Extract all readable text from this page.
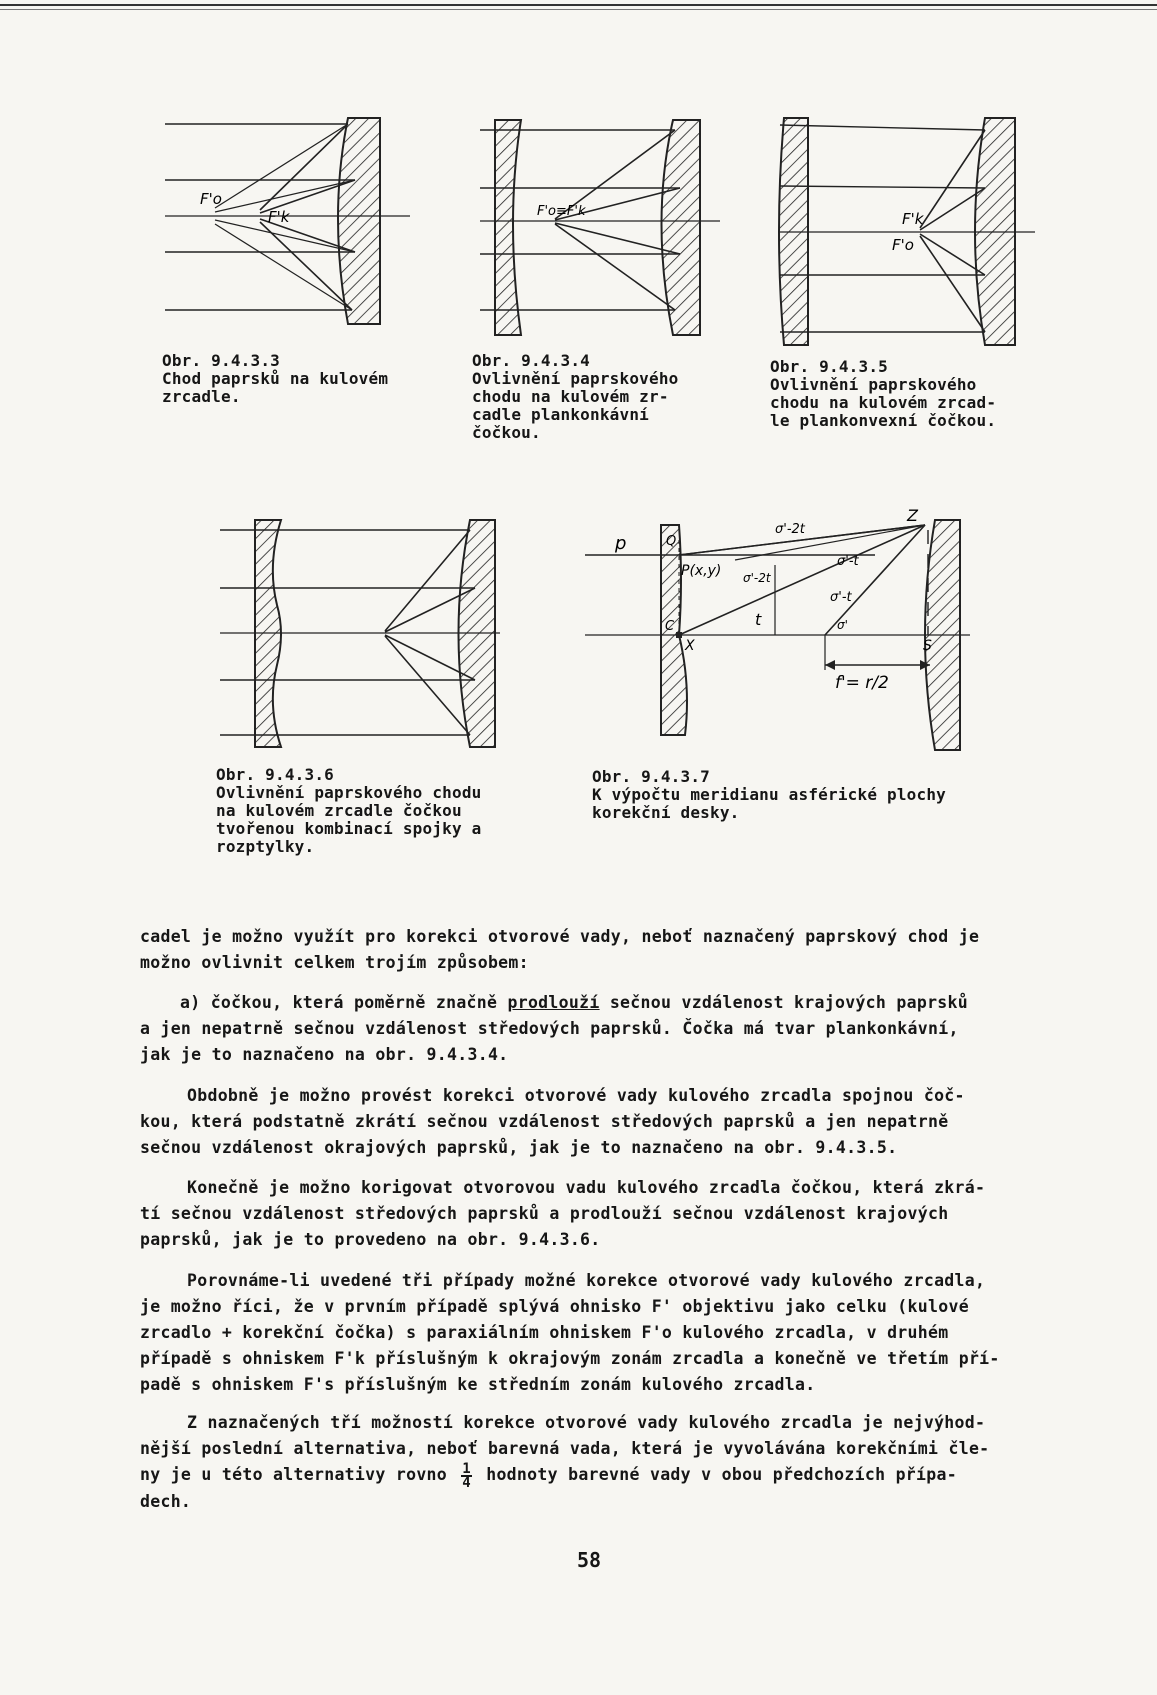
F'o
F'k
Obr. 9.4.3.3
Chod paprsků na kulovém
zrcadle.
F'o≡F'k
Obr. 9.4.3.4
Ovlivnění paprskového
chodu na kulovém zr-
cadle plankonkávní
čočkou.
F'k
F'o
Obr. 9.4.3.5
Ovlivnění paprskového
chodu na kulovém zrcad-
le plankonvexní čočkou.
Obr. 9.4.3.6
Ovlivnění paprskového chodu
na kulovém zrcadle čočkou
tvořenou kombinací spojky a
rozptylky.
p	Q
Z
C
X	S
P(x,y)
t
σ'-2t
σ'-t
σ'-2t
σ'-t
σ'
f'= r/2
Obr. 9.4.3.7
K výpočtu meridianu asférické plochy
korekční desky.
cadel je možno využít pro korekci otvorové vady, neboť naznačený paprskový chod je
možno ovlivnit celkem trojím způsobem:
a) čočkou, která poměrně značně prodlouží sečnou vzdálenost krajových paprsků
a jen nepatrně sečnou vzdálenost středových paprsků. Čočka má tvar plankonkávní,
jak je to naznačeno na obr. 9.4.3.4.
Obdobně je možno provést korekci otvorové vady kulového zrcadla spojnou čoč-
kou, která podstatně zkrátí sečnou vzdálenost středových paprsků a jen nepatrně
sečnou vzdálenost okrajových paprsků, jak je to naznačeno na obr. 9.4.3.5.
Konečně je možno korigovat otvorovou vadu kulového zrcadla čočkou, která zkrá-
tí sečnou vzdálenost středových paprsků a prodlouží sečnou vzdálenost krajových
paprsků, jak je to provedeno na obr. 9.4.3.6.
Porovnáme-li uvedené tři případy možné korekce otvorové vady kulového zrcadla,
je možno říci, že v prvním případě splývá ohnisko F' objektivu jako celku (kulové
zrcadlo + korekční čočka) s paraxiálním ohniskem F'o kulového zrcadla, v druhém
případě s ohniskem F'k příslušným k okrajovým zonám zrcadla a konečně ve třetím pří-
padě s ohniskem F's příslušným ke středním zonám kulového zrcadla.
Z naznačených tří možností korekce otvorové vady kulového zrcadla je nejvýhod-
nější poslední alternativa, neboť barevná vada, která je vyvolávána korekčními čle-
ny je u této alternativy rovno $\frac{1}{4}$ hodnoty barevné vady v obou předchozích přípa-
dech.
58
